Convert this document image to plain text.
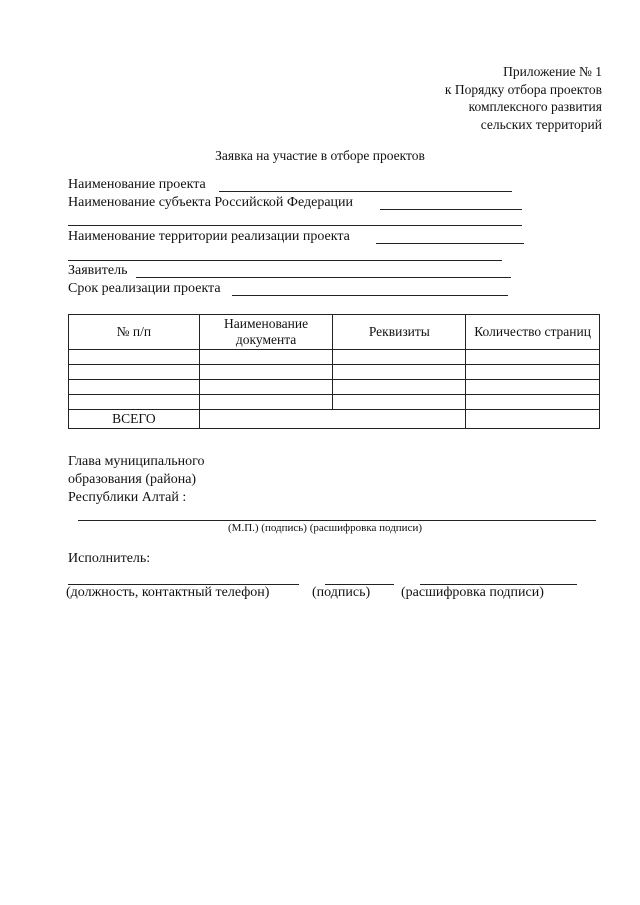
Приложение № 1
к Порядку отбора проектов
комплексного развития
сельских территорий
Заявка на участие в отборе проектов
Наименование проекта
Наименование субъекта Российской Федерации
Наименование территории реализации проекта
Заявитель
Срок реализации проекта
№ п/п	Наименование документа	Реквизиты	Количество страниц

ВСЕГО			
Главa муниципального
образования (района)
Республики Алтай :
(М.П.) (подпись) (расшифровка подписи)
Исполнитель:
(должность, контактный телефон)	(подпись) (расшифровка подписи)
